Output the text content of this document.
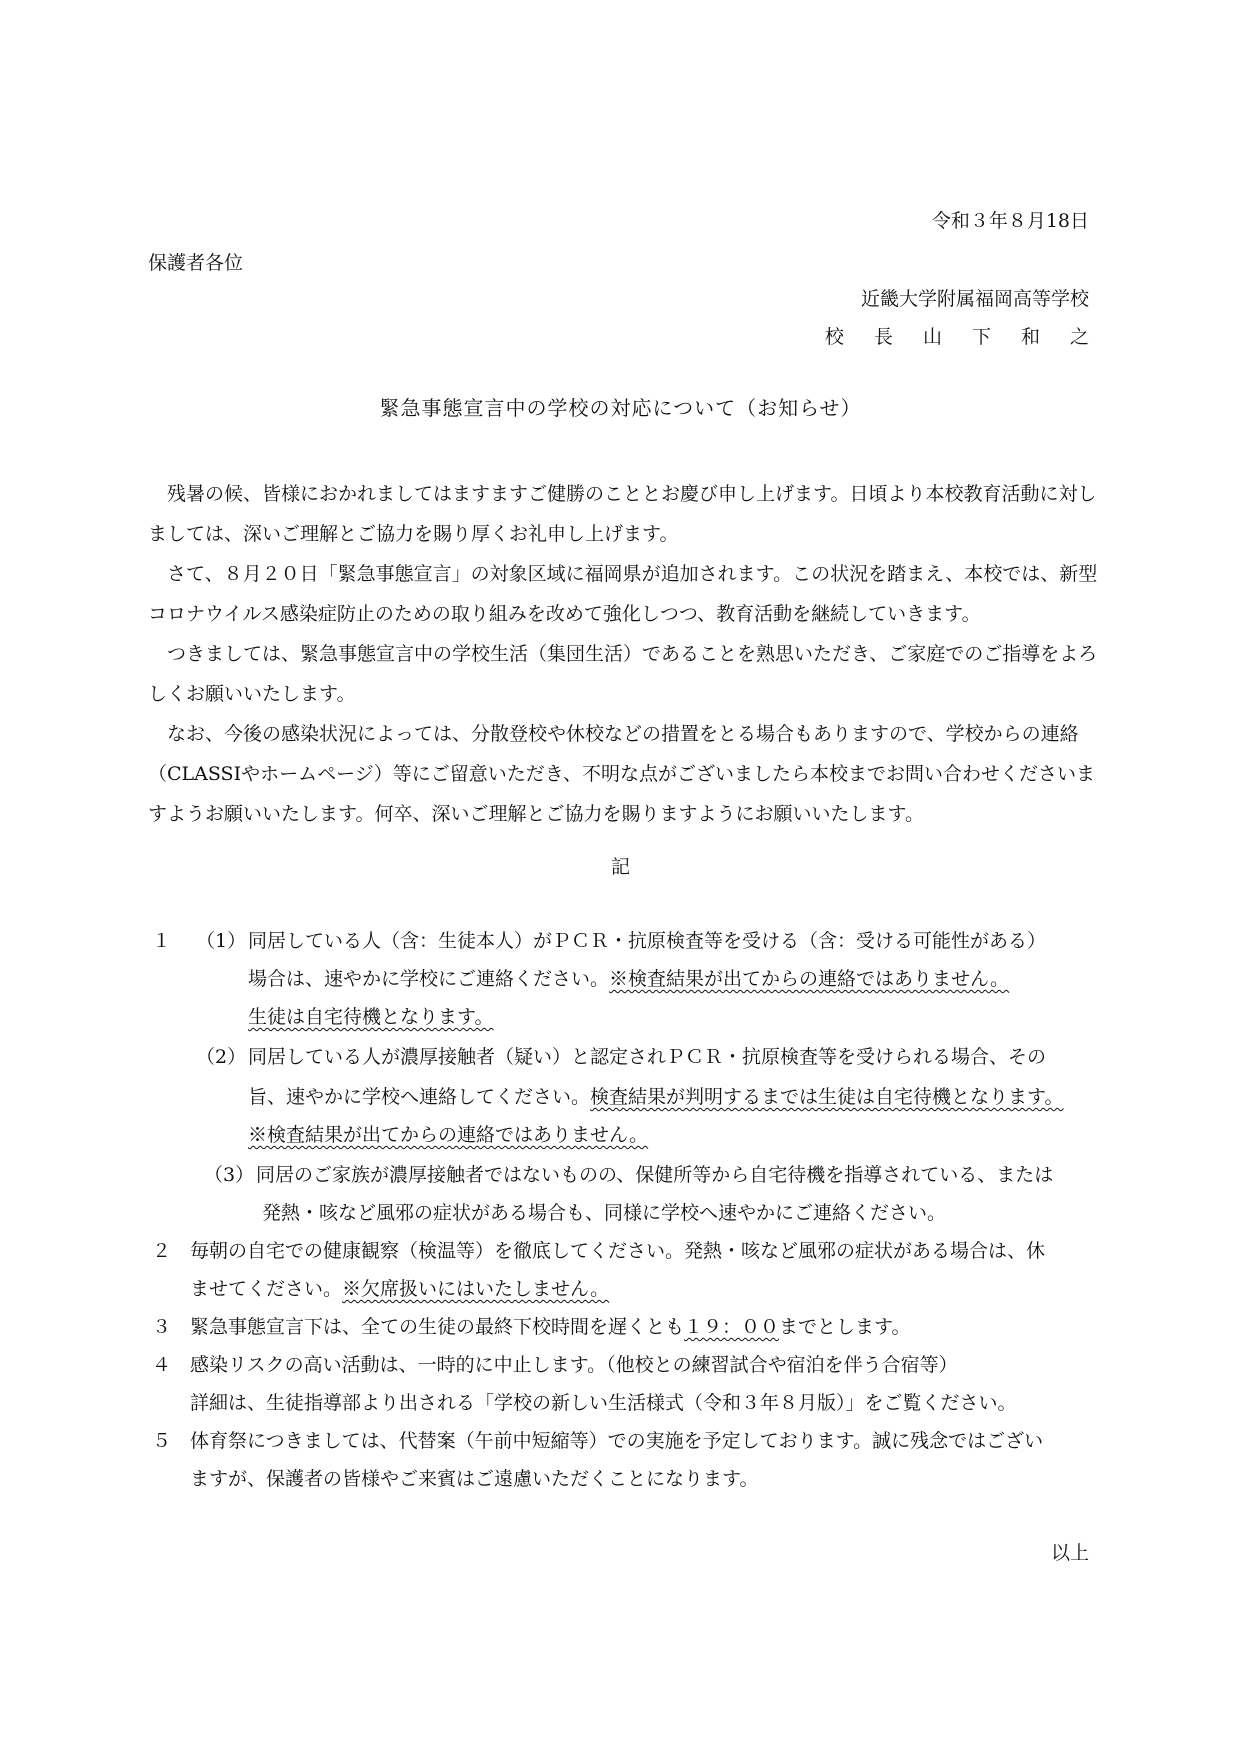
令和３年８月18日
保護者各位
近畿大学附属福岡高等学校
校 長 山 下 和 之
緊急事態宣言中の学校の対応について（お知らせ）

残暑の候、皆様におかれましてはますますご健勝のこととお慶び申し上げます。日頃より本校教育活動に対しましては、深いご理解とご協力を賜り厚くお礼申し上げます。

さて、８月２０日「緊急事態宣言」の対象区域に福岡県が追加されます。この状況を踏まえ、本校では、新型コロナウイルス感染症防止のための取り組みを改めて強化しつつ、教育活動を継続していきます。

つきましては、緊急事態宣言中の学校生活（集団生活）であることを熟思いただき、ご家庭でのご指導をよろしくお願いいたします。

なお、今後の感染状況によっては、分散登校や休校などの措置をとる場合もありますので、学校からの連絡（CLASSIやホームページ）等にご留意いただき、不明な点がございましたら本校までお問い合わせくださいますようお願いいたします。何卒、深いご理解とご協力を賜りますようにお願いいたします。

記
１ （1） 同居している人（含：生徒本人）がＰＣＲ・抗原検査等を受ける（含：受ける可能性がある）
場合は、速やかに学校にご連絡ください。※検査結果が出てからの連絡ではありません。
生徒は自宅待機となります。
（2） 同居している人が濃厚接触者（疑い）と認定されＰＣＲ・抗原検査等を受けられる場合、その
旨、速やかに学校へ連絡してください。検査結果が判明するまでは生徒は自宅待機となります。
※検査結果が出てからの連絡ではありません。
（3） 同居のご家族が濃厚接触者ではないものの、保健所等から自宅待機を指導されている、または
発熱・咳など風邪の症状がある場合も、同様に学校へ速やかにご連絡ください。
２ 毎朝の自宅での健康観察（検温等）を徹底してください。発熱・咳など風邪の症状がある場合は、休
ませてください。※欠席扱いにはいたしません。
３ 緊急事態宣言下は、全ての生徒の最終下校時間を遅くとも１９：００までとします。
４ 感染リスクの高い活動は、一時的に中止します。（他校との練習試合や宿泊を伴う合宿等）
詳細は、生徒指導部より出される「学校の新しい生活様式（令和３年８月版）」をご覧ください。
５ 体育祭につきましては、代替案（午前中短縮等）での実施を予定しております。誠に残念ではござい
ますが、保護者の皆様やご来賓はご遠慮いただくことになります。
以上
